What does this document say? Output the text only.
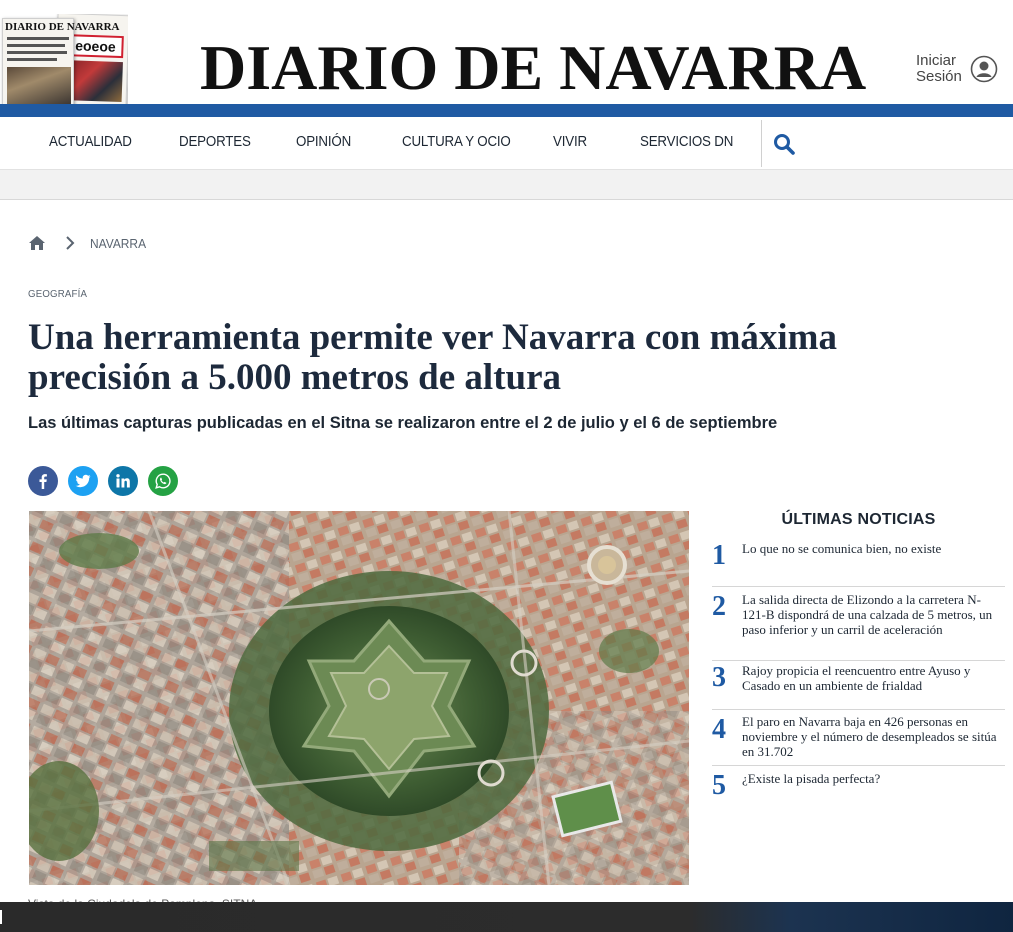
eoeoe
DIARIO DE NAVARRA
DIARIO DE NAVARRA	Iniciar
Sesión
ACTUALIDAD	DEPORTES	OPINIÓN	CULTURA Y OCIO	VIVIR	SERVICIOS DN
NAVARRA
GEOGRAFÍA
Una herramienta permite ver Navarra con máxima precisión a 5.000 metros de altura
Las últimas capturas publicadas en el Sitna se realizaron entre el 2 de julio y el 6 de septiembre
ÚLTIMAS NOTICIAS
1 Lo que no se comunica bien, no existe
2 La salida directa de Elizondo a la carretera N-121-B dispondrá de una calzada de 5 metros, un paso inferior y un carril de aceleración
3 Rajoy propicia el reencuentro entre Ayuso y Casado en un ambiente de frialdad
4 El paro en Navarra baja en 426 personas en noviembre y el número de desempleados se sitúa en 31.702
5 ¿Existe la pisada perfecta?
